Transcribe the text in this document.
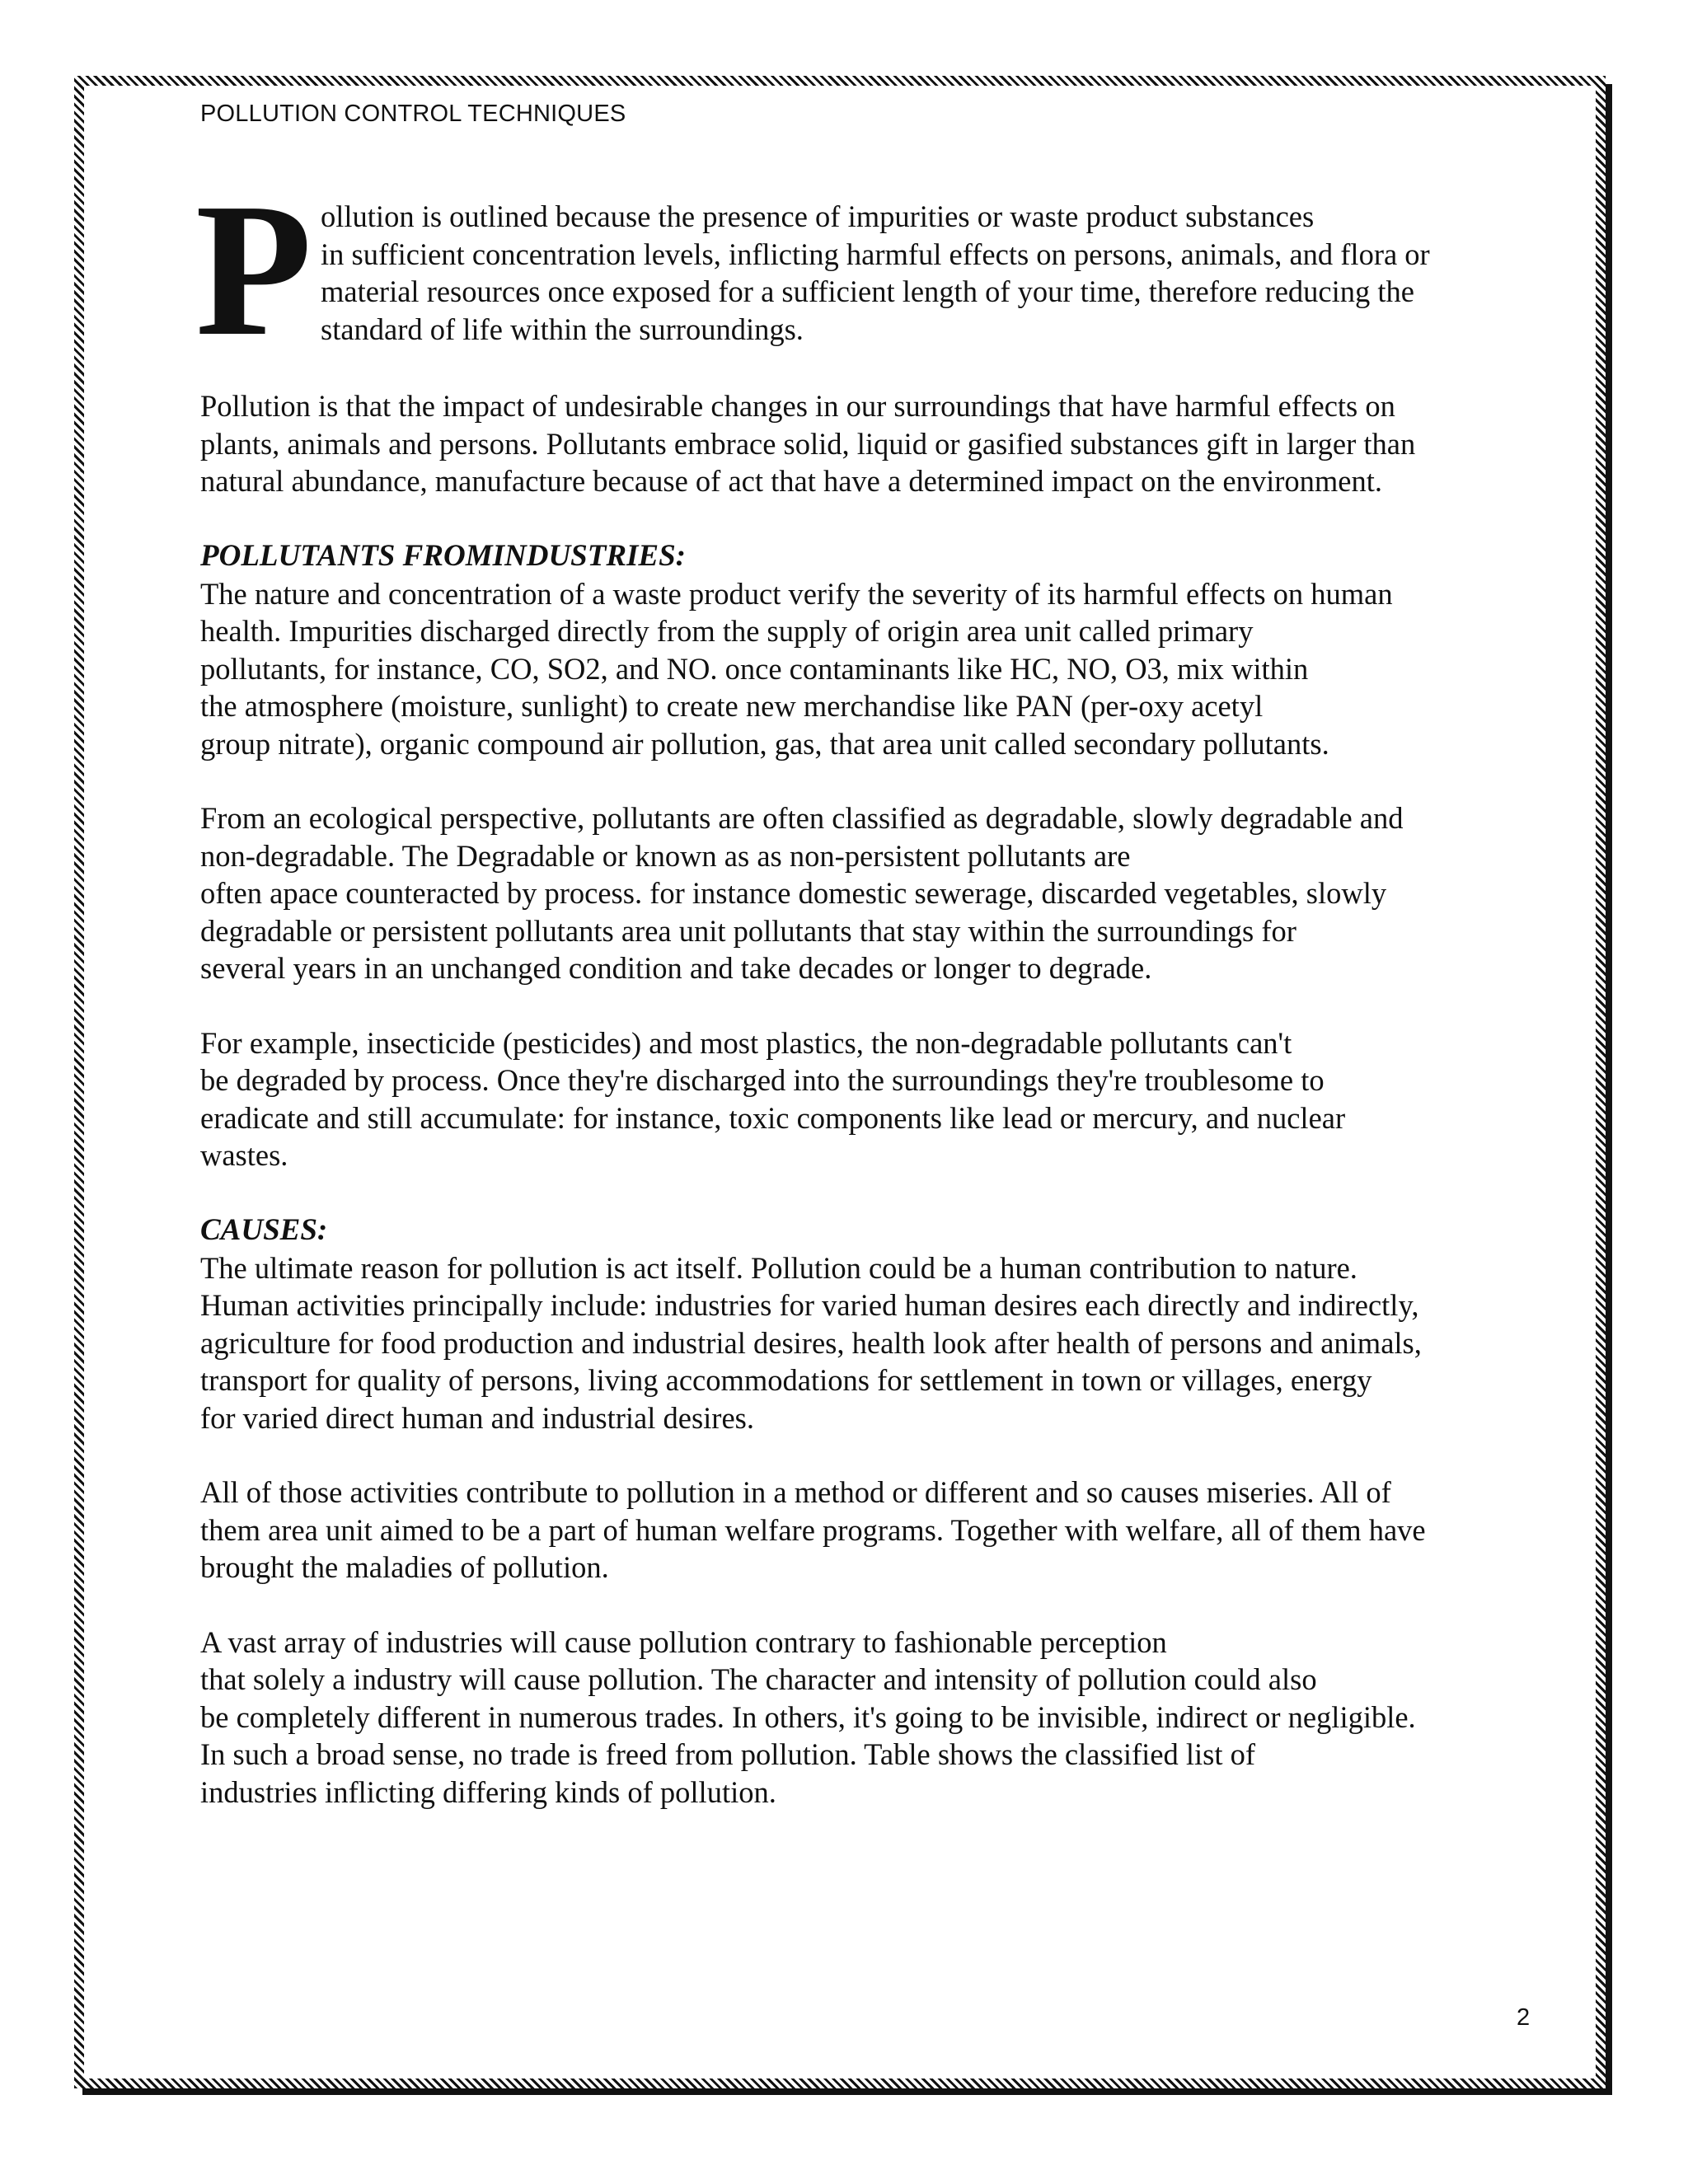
POLLUTION CONTROL TECHNIQUES
P ollution is outlined because the presence of impurities or waste product substances
in sufficient concentration levels, inflicting harmful effects on persons, animals, and flora or
material resources once exposed for a sufficient length of your time, therefore reducing the
standard of life within the surroundings.
Pollution is that the impact of undesirable changes in our surroundings that have harmful effects on
plants, animals and persons. Pollutants embrace solid, liquid or gasified substances gift in larger than
natural abundance, manufacture because of act that have a determined impact on the environment.
POLLUTANTS FROMINDUSTRIES:
The nature and concentration of a waste product verify the severity of its harmful effects on human
health. Impurities discharged directly from the supply of origin area unit called primary
pollutants, for instance, CO, SO2, and NO. once contaminants like HC, NO, O3, mix within
the atmosphere (moisture, sunlight) to create new merchandise like PAN (per-oxy acetyl
group nitrate), organic compound air pollution, gas, that area unit called secondary pollutants.
From an ecological perspective, pollutants are often classified as degradable, slowly degradable and
non-degradable. The Degradable or known as as non-persistent pollutants are
often apace counteracted by process. for instance domestic sewerage, discarded vegetables, slowly
degradable or persistent pollutants area unit pollutants that stay within the surroundings for
several years in an unchanged condition and take decades or longer to degrade.
For example, insecticide (pesticides) and most plastics, the non-degradable pollutants can't
be degraded by process. Once they're discharged into the surroundings they're troublesome to
eradicate and still accumulate: for instance, toxic components like lead or mercury, and nuclear
wastes.
CAUSES:
The ultimate reason for pollution is act itself. Pollution could be a human contribution to nature.
Human activities principally include: industries for varied human desires each directly and indirectly,
agriculture for food production and industrial desires, health look after health of persons and animals,
transport for quality of persons, living accommodations for settlement in town or villages, energy
for varied direct human and industrial desires.
All of those activities contribute to pollution in a method or different and so causes miseries. All of
them area unit aimed to be a part of human welfare programs. Together with welfare, all of them have
brought the maladies of pollution.
A vast array of industries will cause pollution contrary to fashionable perception
that solely a industry will cause pollution. The character and intensity of pollution could also
be completely different in numerous trades. In others, it's going to be invisible, indirect or negligible.
In such a broad sense, no trade is freed from pollution. Table shows the classified list of
industries inflicting differing kinds of pollution.
2
